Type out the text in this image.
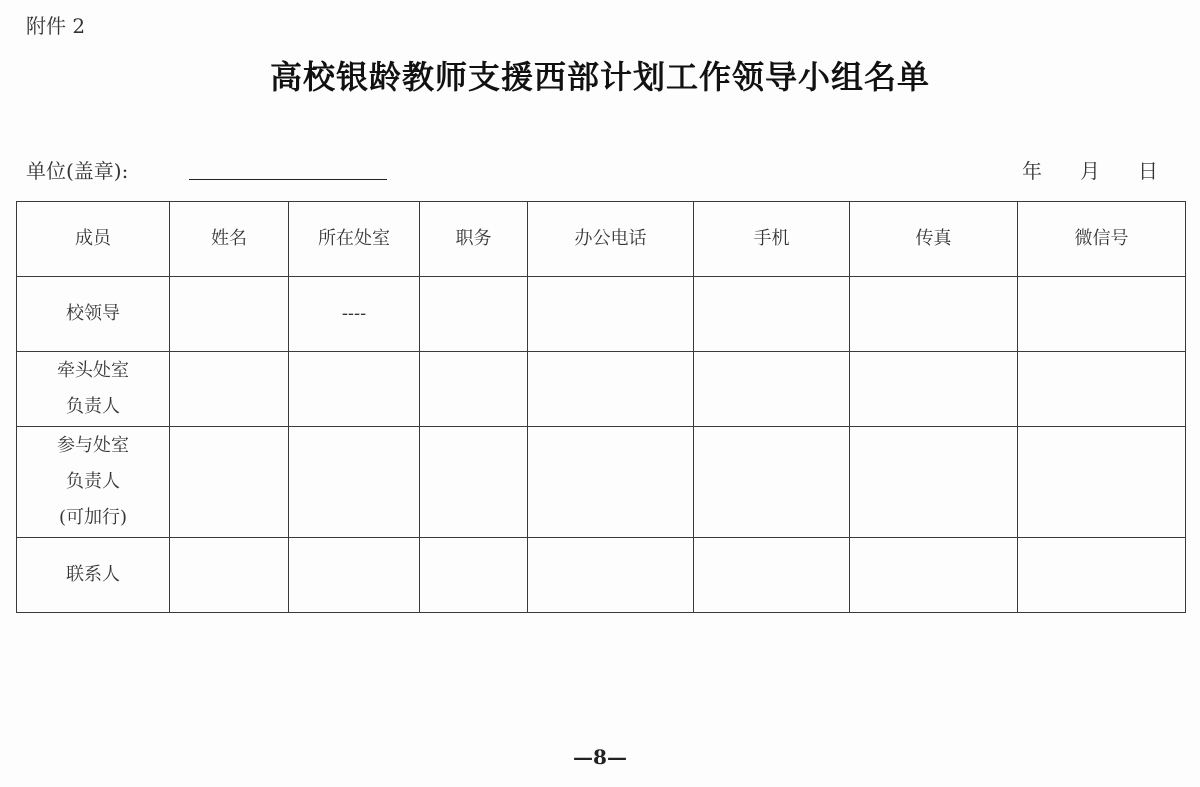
附件 2
高校银龄教师支援西部计划工作领导小组名单
单位(盖章):	年 月 日
成员	姓名	所在处室	职务	办公电话	手机	传真	微信号

校领导		----					

牵头处室
负责人							

参与处室
负责人
(可加行)							

联系人							

—8—
